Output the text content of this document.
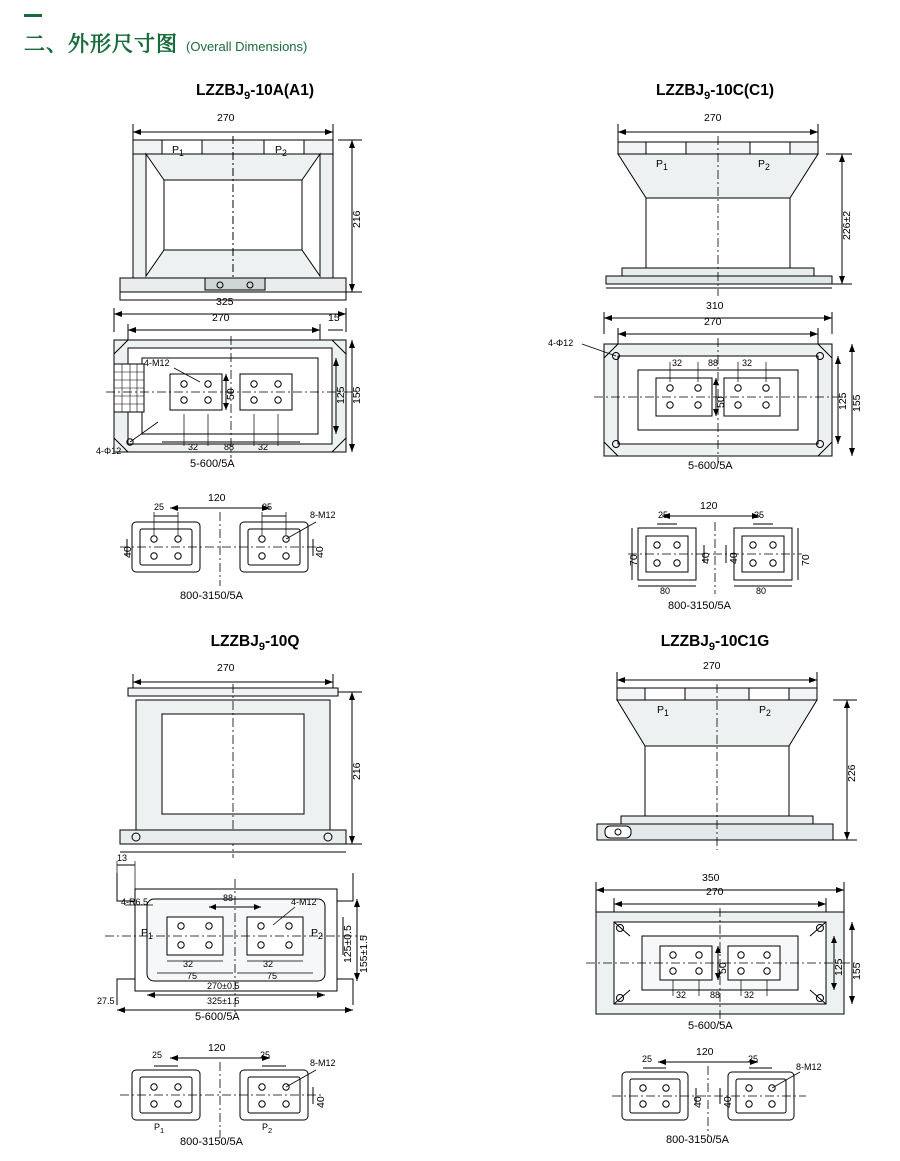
二、外形尺寸图 (Overall Dimensions)
$LZZBJ_9-10A(A1)$	$LZZBJ_9-10C(C1)$
$LZZBJ_9-10Q$	$LZZBJ_9-10C1G$
270
$P_1$	$P_2$
216
325
270	15
4-M12
4-Φ12
155
125
50
32	88	32
5-600/5A
120
25	25
8-M12
40	40
800-3150/5A
270
$P_1$	$P_2$
226±2
310
270
4-Φ12
32	88	32
50	125 155
5-600/5A
120
25	25
70	70
40 40
80	80
800-3150/5A
270
216
13
4-R6.5	88	4-M12
$P_1$	$P_2$ 125±0.5 155±1.5
32	32
75	75
270±0.5
325±1.5
27.5
5-600/5A
120
25	25
8-M12
40
$P_1$	$P_2$
800-3150/5A
270
$P_1$	$P_2$
226
350
270
50	125 155
32	88	32
5-600/5A
120
25	25
8-M12
40 40
800-3150/5A
